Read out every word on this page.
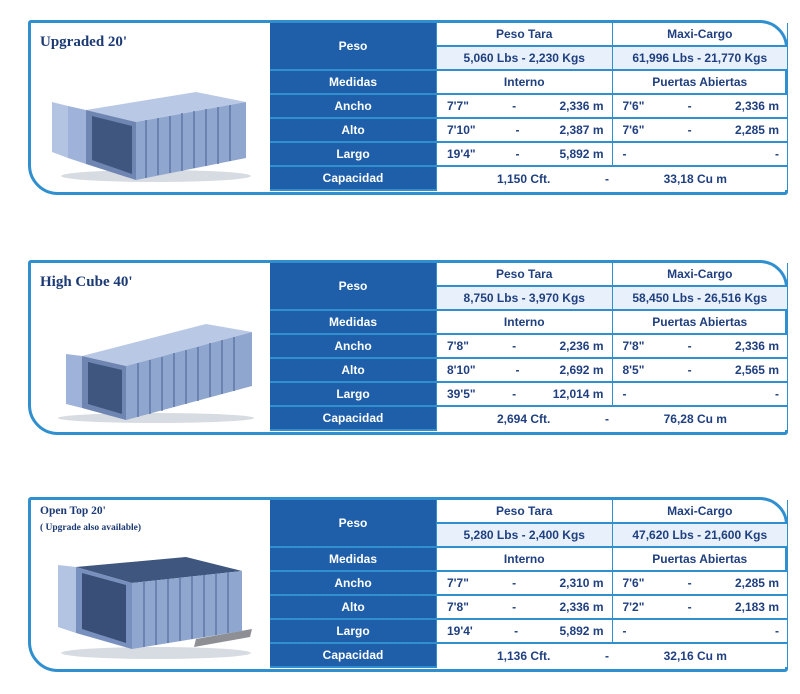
Upgraded 20'	Peso	Peso Tara	Maxi-Cargo
	5,060 Lbs - 2,230 Kgs	61,996 Lbs - 21,770 Kgs
Medidas	Interno	Puertas Abiertas
Ancho	7'7" - 2,336 m	7'6" - 2,336 m

Alto	7'10" - 2,387 m	7'6" - 2,285 m

Largo	19'4" - 5,892 m	- -

Capacidad	1,150 Cft. - 33,18 Cu m	
High Cube 40'	Peso	Peso Tara	Maxi-Cargo
	8,750 Lbs - 3,970 Kgs	58,450 Lbs - 26,516 Kgs
Medidas	Interno	Puertas Abiertas
Ancho	7'8" - 2,236 m	7'8" - 2,336 m

Alto	8'10" - 2,692 m	8'5" - 2,565 m

Largo	39'5" - 12,014 m	- -

Capacidad	2,694 Cft. - 76,28 Cu m	
Open Top 20'
( Upgrade also available)	Peso	Peso Tara	Maxi-Cargo
	5,280 Lbs - 2,400 Kgs	47,620 Lbs - 21,600 Kgs
Medidas	Interno	Puertas Abiertas
Ancho	7'7" - 2,310 m	7'6" - 2,285 m

Alto	7'8" - 2,336 m	7'2" - 2,183 m

Largo	19'4' - 5,892 m	- -

Capacidad	1,136 Cft. - 32,16 Cu m	
